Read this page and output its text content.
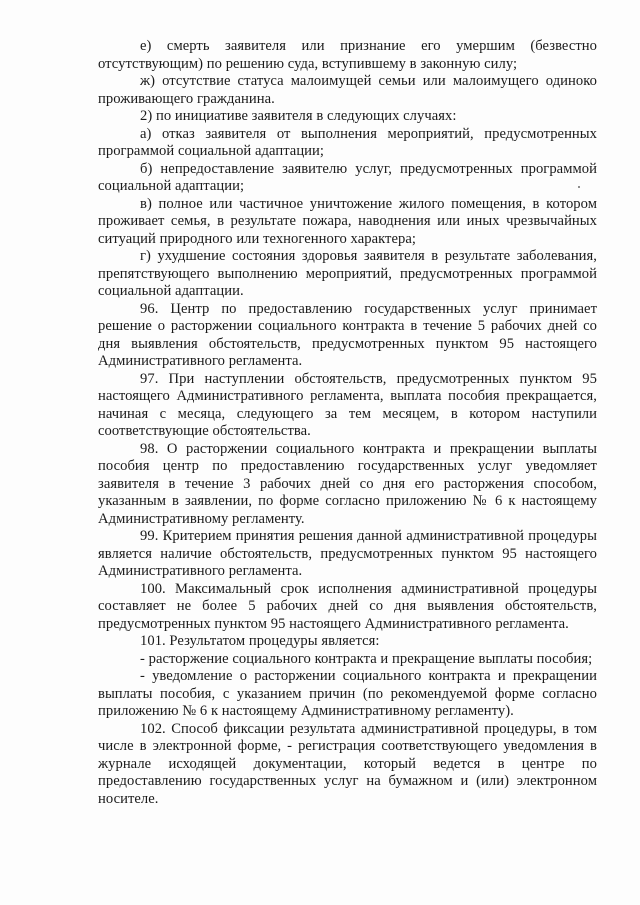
е) смерть заявителя или признание его умершим (безвестно отсутствующим) по решению суда, вступившему в законную силу;

ж) отсутствие статуса малоимущей семьи или малоимущего одиноко проживающего гражданина.

2) по инициативе заявителя в следующих случаях:

а) отказ заявителя от выполнения мероприятий, предусмотренных программой социальной адаптации;

б) непредоставление заявителю услуг, предусмотренных программой социальной адаптации;

в) полное или частичное уничтожение жилого помещения, в котором проживает семья, в результате пожара, наводнения или иных чрезвычайных ситуаций природного или техногенного характера;

г) ухудшение состояния здоровья заявителя в результате заболевания, препятствующего выполнению мероприятий, предусмотренных программой социальной адаптации.

96. Центр по предоставлению государственных услуг принимает решение о расторжении социального контракта в течение 5 рабочих дней со дня выявления обстоятельств, предусмотренных пунктом 95 настоящего Административного регламента.

97. При наступлении обстоятельств, предусмотренных пунктом 95 настоящего Административного регламента, выплата пособия прекращается, начиная с месяца, следующего за тем месяцем, в котором наступили соответствующие обстоятельства.

98. О расторжении социального контракта и прекращении выплаты пособия центр по предоставлению государственных услуг уведомляет заявителя в течение 3 рабочих дней со дня его расторжения способом, указанным в заявлении, по форме согласно приложению № 6 к настоящему Административному регламенту.

99. Критерием принятия решения данной административной процедуры является наличие обстоятельств, предусмотренных пунктом 95 настоящего Административного регламента.

100. Максимальный срок исполнения административной процедуры составляет не более 5 рабочих дней со дня выявления обстоятельств, предусмотренных пунктом 95 настоящего Административного регламента.

101. Результатом процедуры является:

- расторжение социального контракта и прекращение выплаты пособия;

- уведомление о расторжении социального контракта и прекращении выплаты пособия, с указанием причин (по рекомендуемой форме согласно приложению № 6 к настоящему Административному регламенту).

102. Способ фиксации результата административной процедуры, в том числе в электронной форме, - регистрация соответствующего уведомления в журнале исходящей документации, который ведется в центре по предоставлению государственных услуг на бумажном и (или) электронном носителе.
